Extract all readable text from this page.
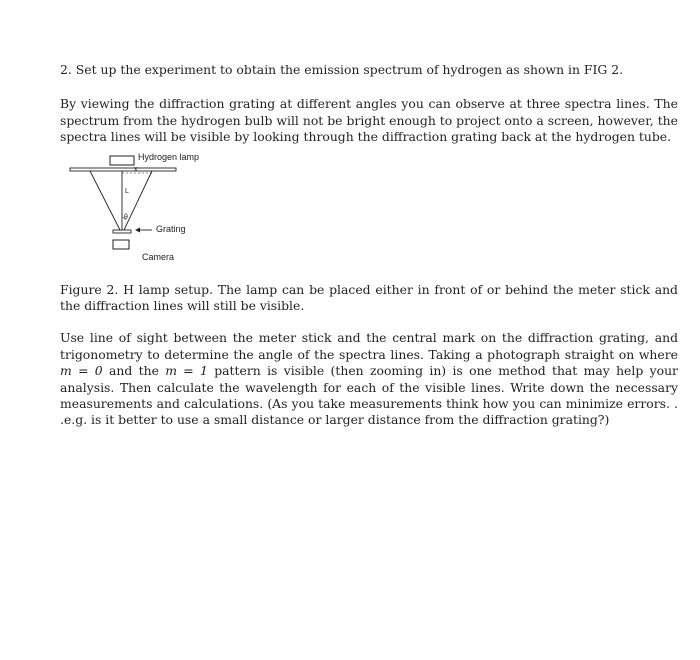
2. Set up the experiment to obtain the emission spectrum of hydrogen as shown in FIG 2.

By viewing the diffraction grating at different angles you can observe at three spectra lines. The spectrum from the hydrogen bulb will not be bright enough to project onto a screen, however, the spectra lines will be visible by looking through the diffraction grating back at the hydrogen tube.

Hydrogen lamp
x
L
θ
Grating
Camera

Figure 2. H lamp setup. The lamp can be placed either in front of or behind the meter stick and the diffraction lines will still be visible.

Use line of sight between the meter stick and the central mark on the diffraction grating, and trigonometry to determine the angle of the spectra lines. Taking a photograph straight on where m = 0 and the m = 1 pattern is visible (then zooming in) is one method that may help your analysis. Then calculate the wavelength for each of the visible lines. Write down the necessary measurements and calculations. (As you take measurements think how you can minimize errors. . .e.g. is it better to use a small distance or larger distance from the diffraction grating?)
